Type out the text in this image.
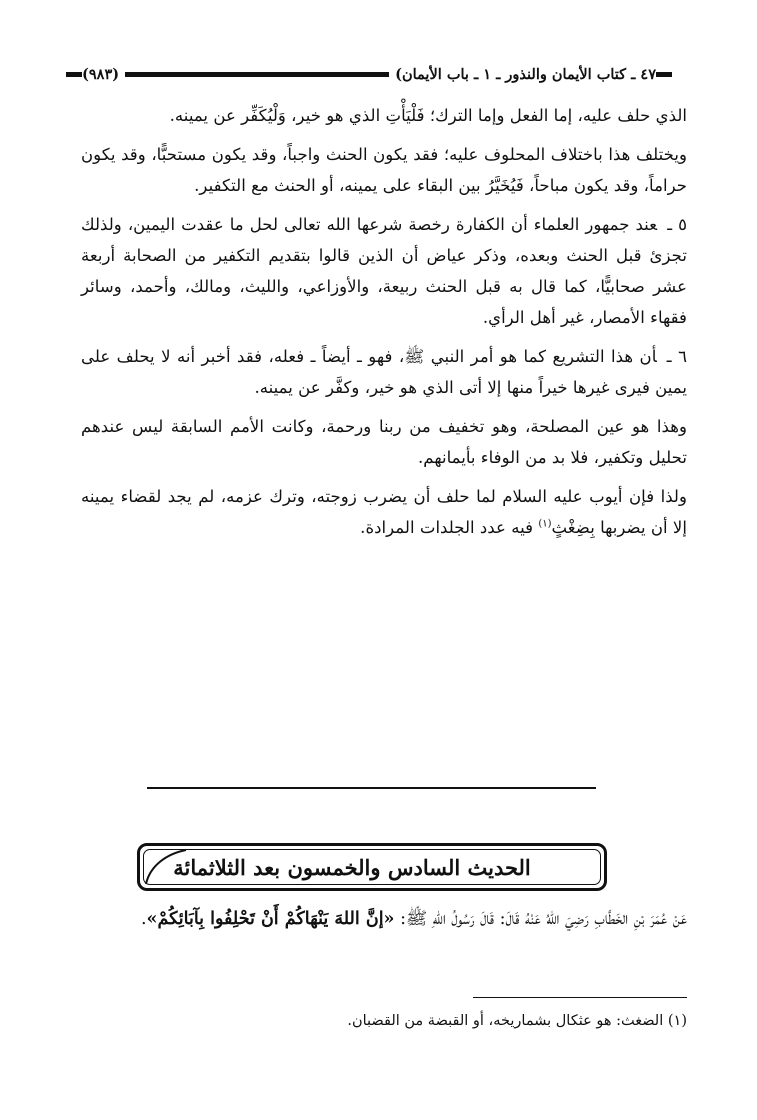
٤٧ ـ كتاب الأيمان والنذور ـ ١ ـ باب الأيمان)
(٩٨٣)

الذي حلف عليه، إما الفعل وإما الترك؛ فَلْيَأْتِ الذي هو خير، وَلْيُكَفِّر عن يمينه.

ويختلف هذا باختلاف المحلوف عليه؛ فقد يكون الحنث واجباً، وقد يكون مستحبًّا، وقد يكون حراماً، وقد يكون مباحاً، فَيُخَيَّرُ بين البقاء على يمينه، أو الحنث مع التكفير.

٥ ـعند جمهور العلماء أن الكفارة رخصة شرعها الله تعالى لحل ما عقدت اليمين، ولذلك تجزئ قبل الحنث وبعده، وذكر عياض أن الذين قالوا بتقديم التكفير من الصحابة أربعة عشر صحابيًّا، كما قال به قبل الحنث ربيعة، والأوزاعي، والليث، ومالك، وأحمد، وسائر فقهاء الأمصار، غير أهل الرأي.

٦ ـأن هذا التشريع كما هو أمر النبي ﷺ، فهو ـ أيضاً ـ فعله، فقد أخبر أنه لا يحلف على يمين فيرى غيرها خيراً منها إلا أتى الذي هو خير، وكفَّر عن يمينه.

وهذا هو عين المصلحة، وهو تخفيف من ربنا ورحمة، وكانت الأمم السابقة ليس عندهم تحليل وتكفير، فلا بد من الوفاء بأيمانهم.

ولذا فإن أيوب عليه السلام لما حلف أن يضرب زوجته، وترك عزمه، لم يجد لقضاء يمينه إلا أن يضربها بِضِغْثٍ$^{(١)}$ فيه عدد الجلدات المرادة.

الحديث السادس والخمسون بعد الثلاثمائة
عَنْ عُمَرَ بْنِ الخَطَّابِ رَضِيَ اللهُ عَنْهُ قَالَ: قَالَ رَسُولُ اللهِ ﷺ: «إنَّ اللهَ يَنْهَاكُمْ أَنْ تَحْلِفُوا بِآبَائِكُمْ».
(١) الضغث: هو عثكال بشماريخه، أو القبضة من القضبان.
